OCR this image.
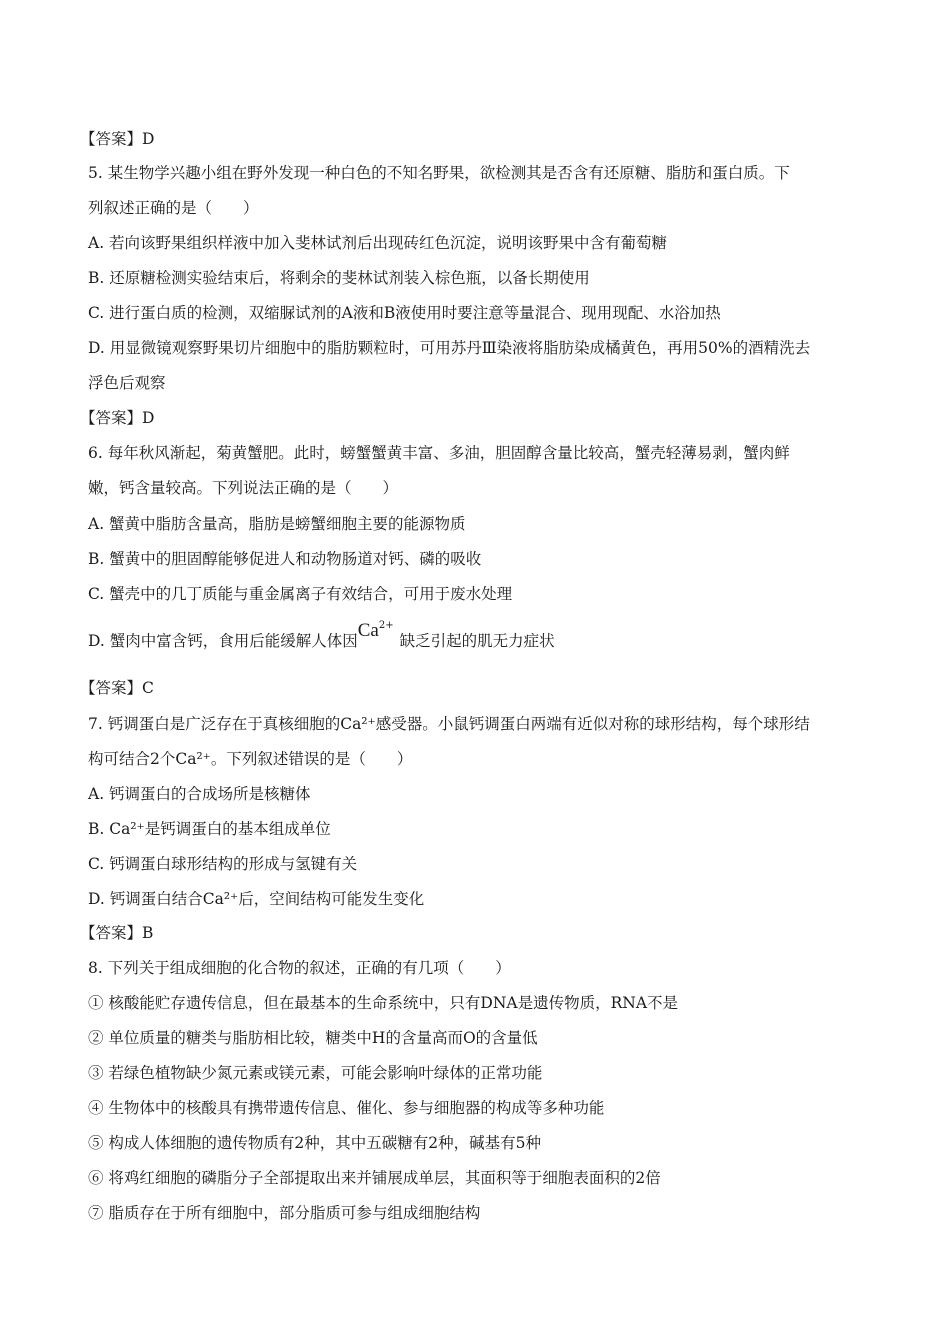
【答案】D
5. 某生物学兴趣小组在野外发现一种白色的不知名野果，欲检测其是否含有还原糖、脂肪和蛋白质。下
列叙述正确的是（　　）
A. 若向该野果组织样液中加入斐林试剂后出现砖红色沉淀，说明该野果中含有葡萄糖
B. 还原糖检测实验结束后，将剩余的斐林试剂装入棕色瓶，以备长期使用
C. 进行蛋白质的检测，双缩脲试剂的A液和B液使用时要注意等量混合、现用现配、水浴加热
D. 用显微镜观察野果切片细胞中的脂肪颗粒时，可用苏丹Ⅲ染液将脂肪染成橘黄色，再用50%的酒精洗去
浮色后观察
【答案】D
6. 每年秋风渐起，菊黄蟹肥。此时，螃蟹蟹黄丰富、多油，胆固醇含量比较高，蟹壳轻薄易剥，蟹肉鲜
嫩，钙含量较高。下列说法正确的是（　　）
A. 蟹黄中脂肪含量高，脂肪是螃蟹细胞主要的能源物质
B. 蟹黄中的胆固醇能够促进人和动物肠道对钙、磷的吸收
C. 蟹壳中的几丁质能与重金属离子有效结合，可用于废水处理
D. 蟹肉中富含钙，食用后能缓解人体因$Ca^{2+}$缺乏引起的肌无力症状
【答案】C
7. 钙调蛋白是广泛存在于真核细胞的Ca²⁺感受器。小鼠钙调蛋白两端有近似对称的球形结构，每个球形结
构可结合2个Ca²⁺。下列叙述错误的是（　　）
A. 钙调蛋白的合成场所是核糖体
B. Ca²⁺是钙调蛋白的基本组成单位
C. 钙调蛋白球形结构的形成与氢键有关
D. 钙调蛋白结合Ca²⁺后，空间结构可能发生变化
【答案】B
8. 下列关于组成细胞的化合物的叙述，正确的有几项（　　）
① 核酸能贮存遗传信息，但在最基本的生命系统中，只有DNA是遗传物质，RNA不是
② 单位质量的糖类与脂肪相比较，糖类中H的含量高而O的含量低
③ 若绿色植物缺少氮元素或镁元素，可能会影响叶绿体的正常功能
④ 生物体中的核酸具有携带遗传信息、催化、参与细胞器的构成等多种功能
⑤ 构成人体细胞的遗传物质有2种，其中五碳糖有2种，碱基有5种
⑥ 将鸡红细胞的磷脂分子全部提取出来并铺展成单层，其面积等于细胞表面积的2倍
⑦ 脂质存在于所有细胞中，部分脂质可参与组成细胞结构
